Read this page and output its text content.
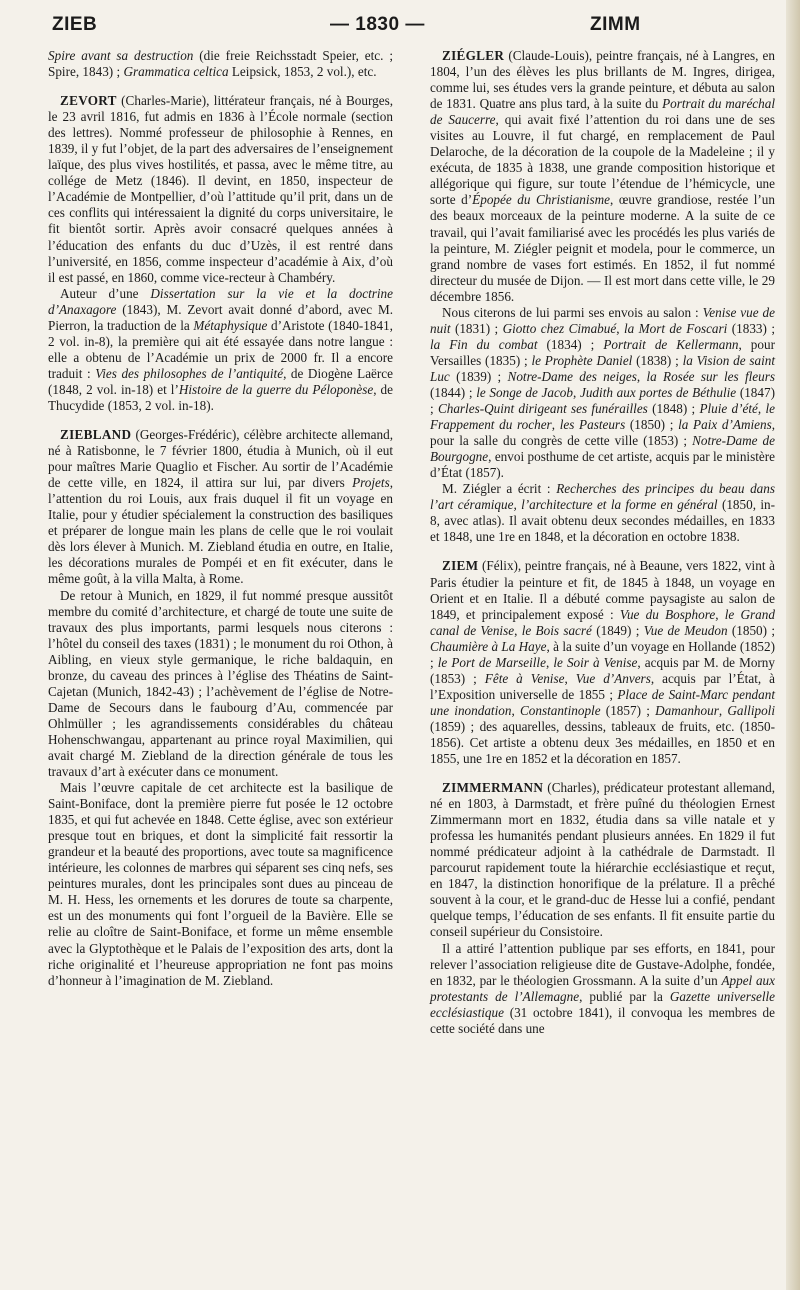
ZIEB	— 1830 —	ZIMM

Spire avant sa destruction (die freie Reichsstadt Speier, etc. ; Spire, 1843) ; Grammatica celtica Leipsick, 1853, 2 vol.), etc.

ZEVORT (Charles-Marie), littérateur français, né à Bourges, le 23 avril 1816, fut admis en 1836 à l’École normale (section des lettres). Nommé professeur de philosophie à Rennes, en 1839, il y fut l’objet, de la part des adversaires de l’enseignement laïque, des plus vives hostilités, et passa, avec le même titre, au collége de Metz (1846). Il devint, en 1850, inspecteur de l’Académie de Montpellier, d’où l’attitude qu’il prit, dans un de ces conflits qui intéressaient la dignité du corps universitaire, le fit bientôt sortir. Après avoir consacré quelques années à l’éducation des enfants du duc d’Uzès, il est rentré dans l’université, en 1856, comme inspecteur d’académie à Aix, d’où il est passé, en 1860, comme vice-recteur à Chambéry.

Auteur d’une Dissertation sur la vie et la doctrine d’Anaxagore (1843), M. Zevort avait donné d’abord, avec M. Pierron, la traduction de la Métaphysique d’Aristote (1840-1841, 2 vol. in-8), la première qui ait été essayée dans notre langue : elle a obtenu de l’Académie un prix de 2000 fr. Il a encore traduit : Vies des philosophes de l’antiquité, de Diogène Laërce (1848, 2 vol. in-18) et l’Histoire de la guerre du Péloponèse, de Thucydide (1853, 2 vol. in-18).

ZIEBLAND (Georges-Frédéric), célèbre architecte allemand, né à Ratisbonne, le 7 février 1800, étudia à Munich, où il eut pour maîtres Marie Quaglio et Fischer. Au sortir de l’Académie de cette ville, en 1824, il attira sur lui, par divers Projets, l’attention du roi Louis, aux frais duquel il fit un voyage en Italie, pour y étudier spécialement la construction des basiliques et préparer de longue main les plans de celle que le roi voulait dès lors élever à Munich. M. Ziebland étudia en outre, en Italie, les décorations murales de Pompéi et en fit exécuter, dans le même goût, à la villa Malta, à Rome.

De retour à Munich, en 1829, il fut nommé presque aussitôt membre du comité d’architecture, et chargé de toute une suite de travaux des plus importants, parmi lesquels nous citerons : l’hôtel du conseil des taxes (1831) ; le monument du roi Othon, à Aibling, en vieux style germanique, le riche baldaquin, en bronze, du caveau des princes à l’église des Théatins de Saint-Cajetan (Munich, 1842-43) ; l’achèvement de l’église de Notre-Dame de Secours dans le faubourg d’Au, commencée par Ohlmüller ; les agrandissements considérables du château Hohenschwangau, appartenant au prince royal Maximilien, qui avait chargé M. Ziebland de la direction générale de tous les travaux d’art à exécuter dans ce monument.

Mais l’œuvre capitale de cet architecte est la basilique de Saint-Boniface, dont la première pierre fut posée le 12 octobre 1835, et qui fut achevée en 1848. Cette église, avec son extérieur presque tout en briques, et dont la simplicité fait ressortir la grandeur et la beauté des proportions, avec toute sa magnificence intérieure, les colonnes de marbres qui séparent ses cinq nefs, ses peintures murales, dont les principales sont dues au pinceau de M. H. Hess, les ornements et les dorures de toute sa charpente, est un des monuments qui font l’orgueil de la Bavière. Elle se relie au cloître de Saint-Boniface, et forme un même ensemble avec la Glyptothèque et le Palais de l’exposition des arts, dont la riche originalité et l’heureuse appropriation ne font pas moins d’honneur à l’imagination de M. Ziebland.

ZIÉGLER (Claude-Louis), peintre français, né à Langres, en 1804, l’un des élèves les plus brillants de M. Ingres, dirigea, comme lui, ses études vers la grande peinture, et débuta au salon de 1831. Quatre ans plus tard, à la suite du Portrait du maréchal de Saucerre, qui avait fixé l’attention du roi dans une de ses visites au Louvre, il fut chargé, en remplacement de Paul Delaroche, de la décoration de la coupole de la Madeleine ; il y exécuta, de 1835 à 1838, une grande composition historique et allégorique qui figure, sur toute l’étendue de l’hémicycle, une sorte d’Épopée du Christianisme, œuvre grandiose, restée l’un des beaux morceaux de la peinture moderne. A la suite de ce travail, qui l’avait familiarisé avec les procédés les plus variés de la peinture, M. Ziégler peignit et modela, pour le commerce, un grand nombre de vases fort estimés. En 1852, il fut nommé directeur du musée de Dijon. — Il est mort dans cette ville, le 29 décembre 1856.

Nous citerons de lui parmi ses envois au salon : Venise vue de nuit (1831) ; Giotto chez Cimabué, la Mort de Foscari (1833) ; la Fin du combat (1834) ; Portrait de Kellermann, pour Versailles (1835) ; le Prophète Daniel (1838) ; la Vision de saint Luc (1839) ; Notre-Dame des neiges, la Rosée sur les fleurs (1844) ; le Songe de Jacob, Judith aux portes de Béthulie (1847) ; Charles-Quint dirigeant ses funérailles (1848) ; Pluie d’été, le Frappement du rocher, les Pasteurs (1850) ; la Paix d’Amiens, pour la salle du congrès de cette ville (1853) ; Notre-Dame de Bourgogne, envoi posthume de cet artiste, acquis par le ministère d’État (1857).

M. Ziégler a écrit : Recherches des principes du beau dans l’art céramique, l’architecture et la forme en général (1850, in-8, avec atlas). Il avait obtenu deux secondes médailles, en 1833 et 1848, une 1re en 1848, et la décoration en octobre 1838.

ZIEM (Félix), peintre français, né à Beaune, vers 1822, vint à Paris étudier la peinture et fit, de 1845 à 1848, un voyage en Orient et en Italie. Il a débuté comme paysagiste au salon de 1849, et principalement exposé : Vue du Bosphore, le Grand canal de Venise, le Bois sacré (1849) ; Vue de Meudon (1850) ; Chaumière à La Haye, à la suite d’un voyage en Hollande (1852) ; le Port de Marseille, le Soir à Venise, acquis par M. de Morny (1853) ; Fête à Venise, Vue d’Anvers, acquis par l’État, à l’Exposition universelle de 1855 ; Place de Saint-Marc pendant une inondation, Constantinople (1857) ; Damanhour, Gallipoli (1859) ; des aquarelles, dessins, tableaux de fruits, etc. (1850-1856). Cet artiste a obtenu deux 3es médailles, en 1850 et en 1855, une 1re en 1852 et la décoration en 1857.

ZIMMERMANN (Charles), prédicateur protestant allemand, né en 1803, à Darmstadt, et frère puîné du théologien Ernest Zimmermann mort en 1832, étudia dans sa ville natale et y professa les humanités pendant plusieurs années. En 1829 il fut nommé prédicateur adjoint à la cathédrale de Darmstadt. Il parcourut rapidement toute la hiérarchie ecclésiastique et reçut, en 1847, la distinction honorifique de la prélature. Il a prêché souvent à la cour, et le grand-duc de Hesse lui a confié, pendant quelque temps, l’éducation de ses enfants. Il fit ensuite partie du conseil supérieur du Consistoire.

Il a attiré l’attention publique par ses efforts, en 1841, pour relever l’association religieuse dite de Gustave-Adolphe, fondée, en 1832, par le théologien Grossmann. A la suite d’un Appel aux protestants de l’Allemagne, publié par la Gazette universelle ecclésiastique (31 octobre 1841), il convoqua les membres de cette société dans une
